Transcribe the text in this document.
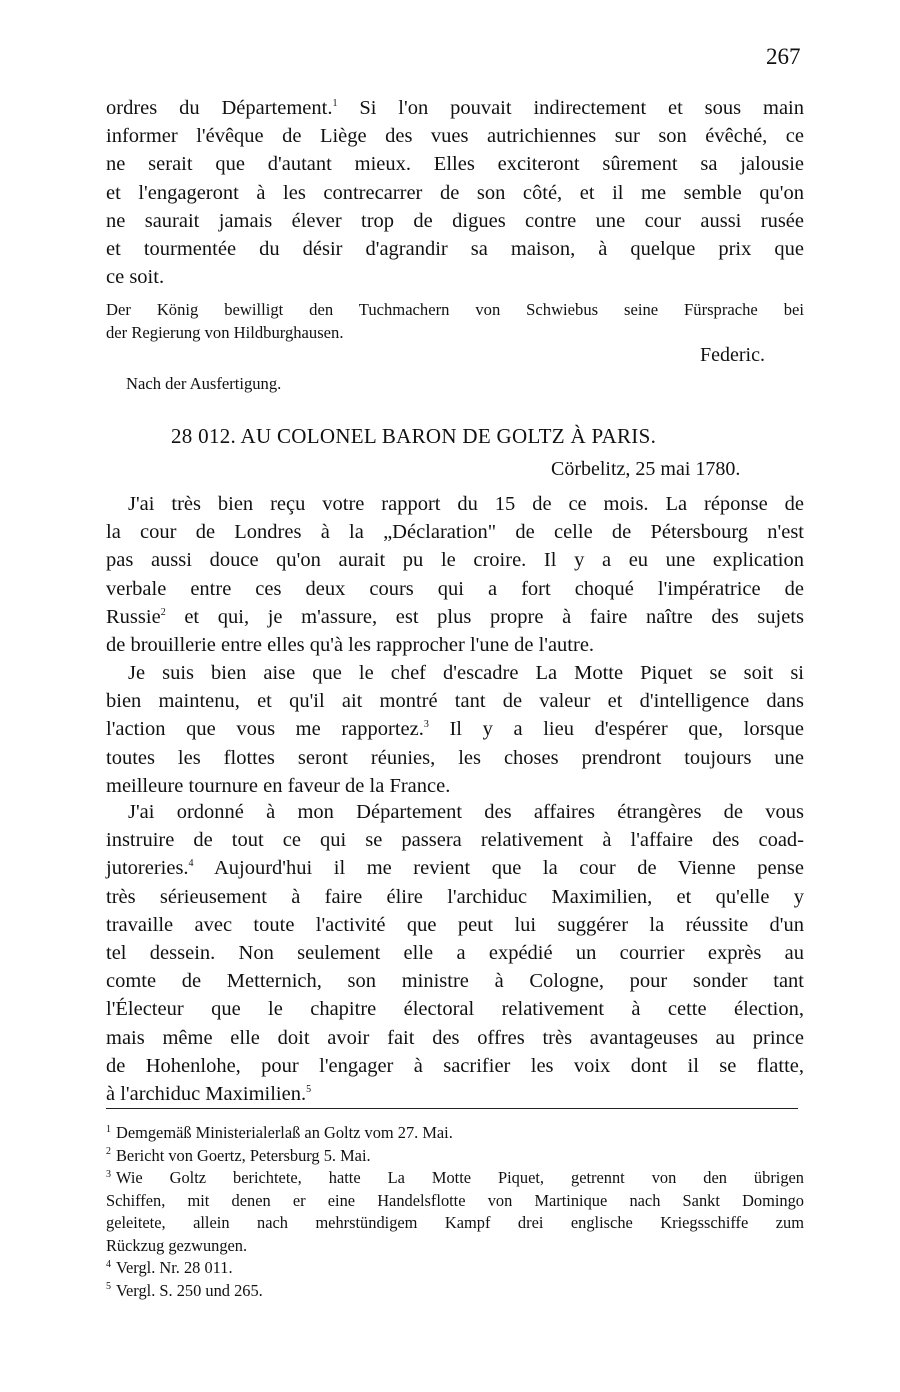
267
ordres du Département.$^1$ Si l'on pouvait indirectement et sous main
informer l'évêque de Liège des vues autrichiennes sur son évêché, ce
ne serait que d'autant mieux. Elles exciteront sûrement sa jalousie
et l'engageront à les contrecarrer de son côté, et il me semble qu'on
ne saurait jamais élever trop de digues contre une cour aussi rusée
et tourmentée du désir d'agrandir sa maison, à quelque prix que
ce soit.
Der König bewilligt den Tuchmachern von Schwiebus seine Fürsprache bei
der Regierung von Hildburghausen.
Federic.
Nach der Ausfertigung.
28 012. AU COLONEL BARON DE GOLTZ À PARIS.
Cörbelitz, 25 mai 1780.
J'ai très bien reçu votre rapport du 15 de ce mois. La réponse de
la cour de Londres à la „Déclaration" de celle de Pétersbourg n'est
pas aussi douce qu'on aurait pu le croire. Il y a eu une explication
verbale entre ces deux cours qui a fort choqué l'impératrice de
Russie$^2$ et qui, je m'assure, est plus propre à faire naître des sujets
de brouillerie entre elles qu'à les rapprocher l'une de l'autre.
Je suis bien aise que le chef d'escadre La Motte Piquet se soit si
bien maintenu, et qu'il ait montré tant de valeur et d'intelligence dans
l'action que vous me rapportez.$^3$ Il y a lieu d'espérer que, lorsque
toutes les flottes seront réunies, les choses prendront toujours une
meilleure tournure en faveur de la France.
J'ai ordonné à mon Département des affaires étrangères de vous
instruire de tout ce qui se passera relativement à l'affaire des coad-
jutoreries.$^4$ Aujourd'hui il me revient que la cour de Vienne pense
très sérieusement à faire élire l'archiduc Maximilien, et qu'elle y
travaille avec toute l'activité que peut lui suggérer la réussite d'un
tel dessein. Non seulement elle a expédié un courrier exprès au
comte de Metternich, son ministre à Cologne, pour sonder tant
l'Électeur que le chapitre électoral relativement à cette élection,
mais même elle doit avoir fait des offres très avantageuses au prince
de Hohenlohe, pour l'engager à sacrifier les voix dont il se flatte,
à l'archiduc Maximilien.$^5$
$^1$ Demgemäß Ministerialerlaß an Goltz vom 27. Mai.
$^2$ Bericht von Goertz, Petersburg 5. Mai.
$^3$ Wie Goltz berichtete, hatte La Motte Piquet, getrennt von den übrigen
Schiffen, mit denen er eine Handelsflotte von Martinique nach Sankt Domingo
geleitete, allein nach mehrstündigem Kampf drei englische Kriegsschiffe zum
Rückzug gezwungen.
$^4$ Vergl. Nr. 28 011.
$^5$ Vergl. S. 250 und 265.
